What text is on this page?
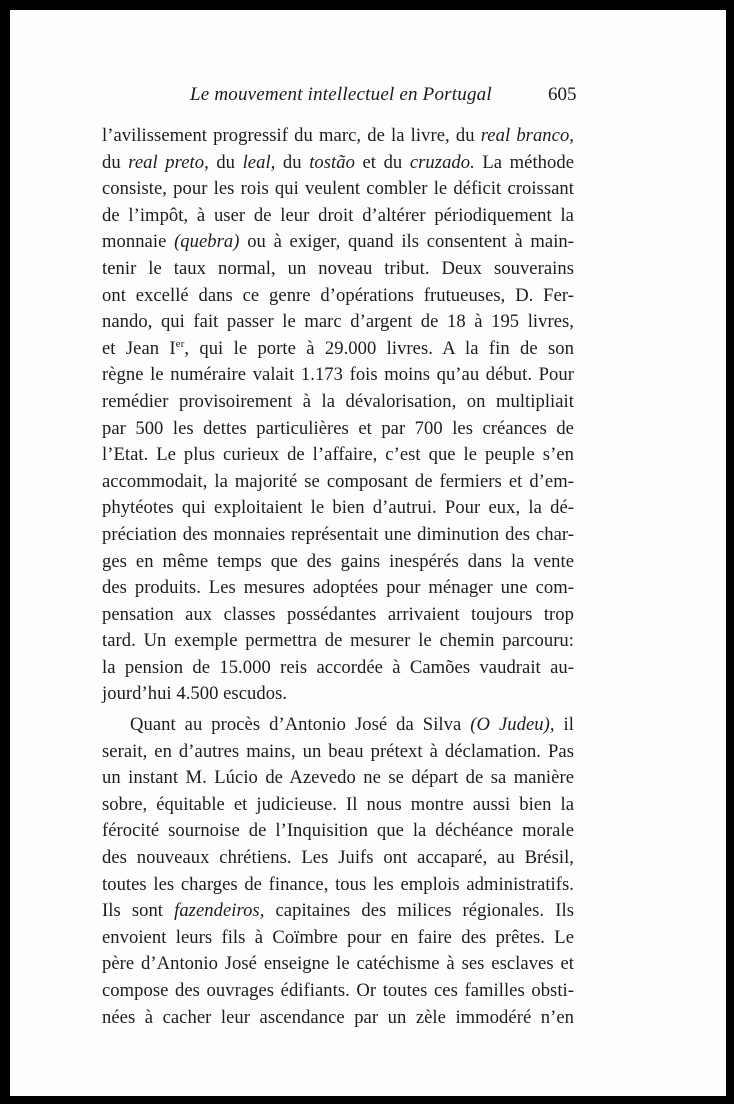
Le mouvement intellectuel en Portugal	605
l’avilissement progressif du marc, de la livre, du real branco,
du real preto, du leal, du tostão et du cruzado. La méthode
consiste, pour les rois qui veulent combler le déficit croissant
de l’impôt, à user de leur droit d’altérer périodiquement la
monnaie (quebra) ou à exiger, quand ils consentent à main-
tenir le taux normal, un noveau tribut. Deux souverains
ont excellé dans ce genre d’opérations frutueuses, D. Fer-
nando, qui fait passer le marc d’argent de 18 à 195 livres,
et Jean Ier, qui le porte à 29.000 livres. A la fin de son
règne le numéraire valait 1.173 fois moins qu’au début. Pour
remédier provisoirement à la dévalorisation, on multipliait
par 500 les dettes particulières et par 700 les créances de
l’Etat. Le plus curieux de l’affaire, c’est que le peuple s’en
accommodait, la majorité se composant de fermiers et d’em-
phytéotes qui exploitaient le bien d’autrui. Pour eux, la dé-
préciation des monnaies représentait une diminution des char-
ges en même temps que des gains inespérés dans la vente
des produits. Les mesures adoptées pour ménager une com-
pensation aux classes possédantes arrivaient toujours trop
tard. Un exemple permettra de mesurer le chemin parcouru:
la pension de 15.000 reis accordée à Camões vaudrait au-
jourd’hui 4.500 escudos.
Quant au procès d’Antonio José da Silva (O Judeu), il
serait, en d’autres mains, un beau prétext à déclamation. Pas
un instant M. Lúcio de Azevedo ne se départ de sa manière
sobre, équitable et judicieuse. Il nous montre aussi bien la
férocité sournoise de l’Inquisition que la déchéance morale
des nouveaux chrétiens. Les Juifs ont accaparé, au Brésil,
toutes les charges de finance, tous les emplois administratifs.
Ils sont fazendeiros, capitaines des milices régionales. Ils
envoient leurs fils à Coïmbre pour en faire des prêtes. Le
père d’Antonio José enseigne le catéchisme à ses esclaves et
compose des ouvrages édifiants. Or toutes ces familles obsti-
nées à cacher leur ascendance par un zèle immodéré n’en
